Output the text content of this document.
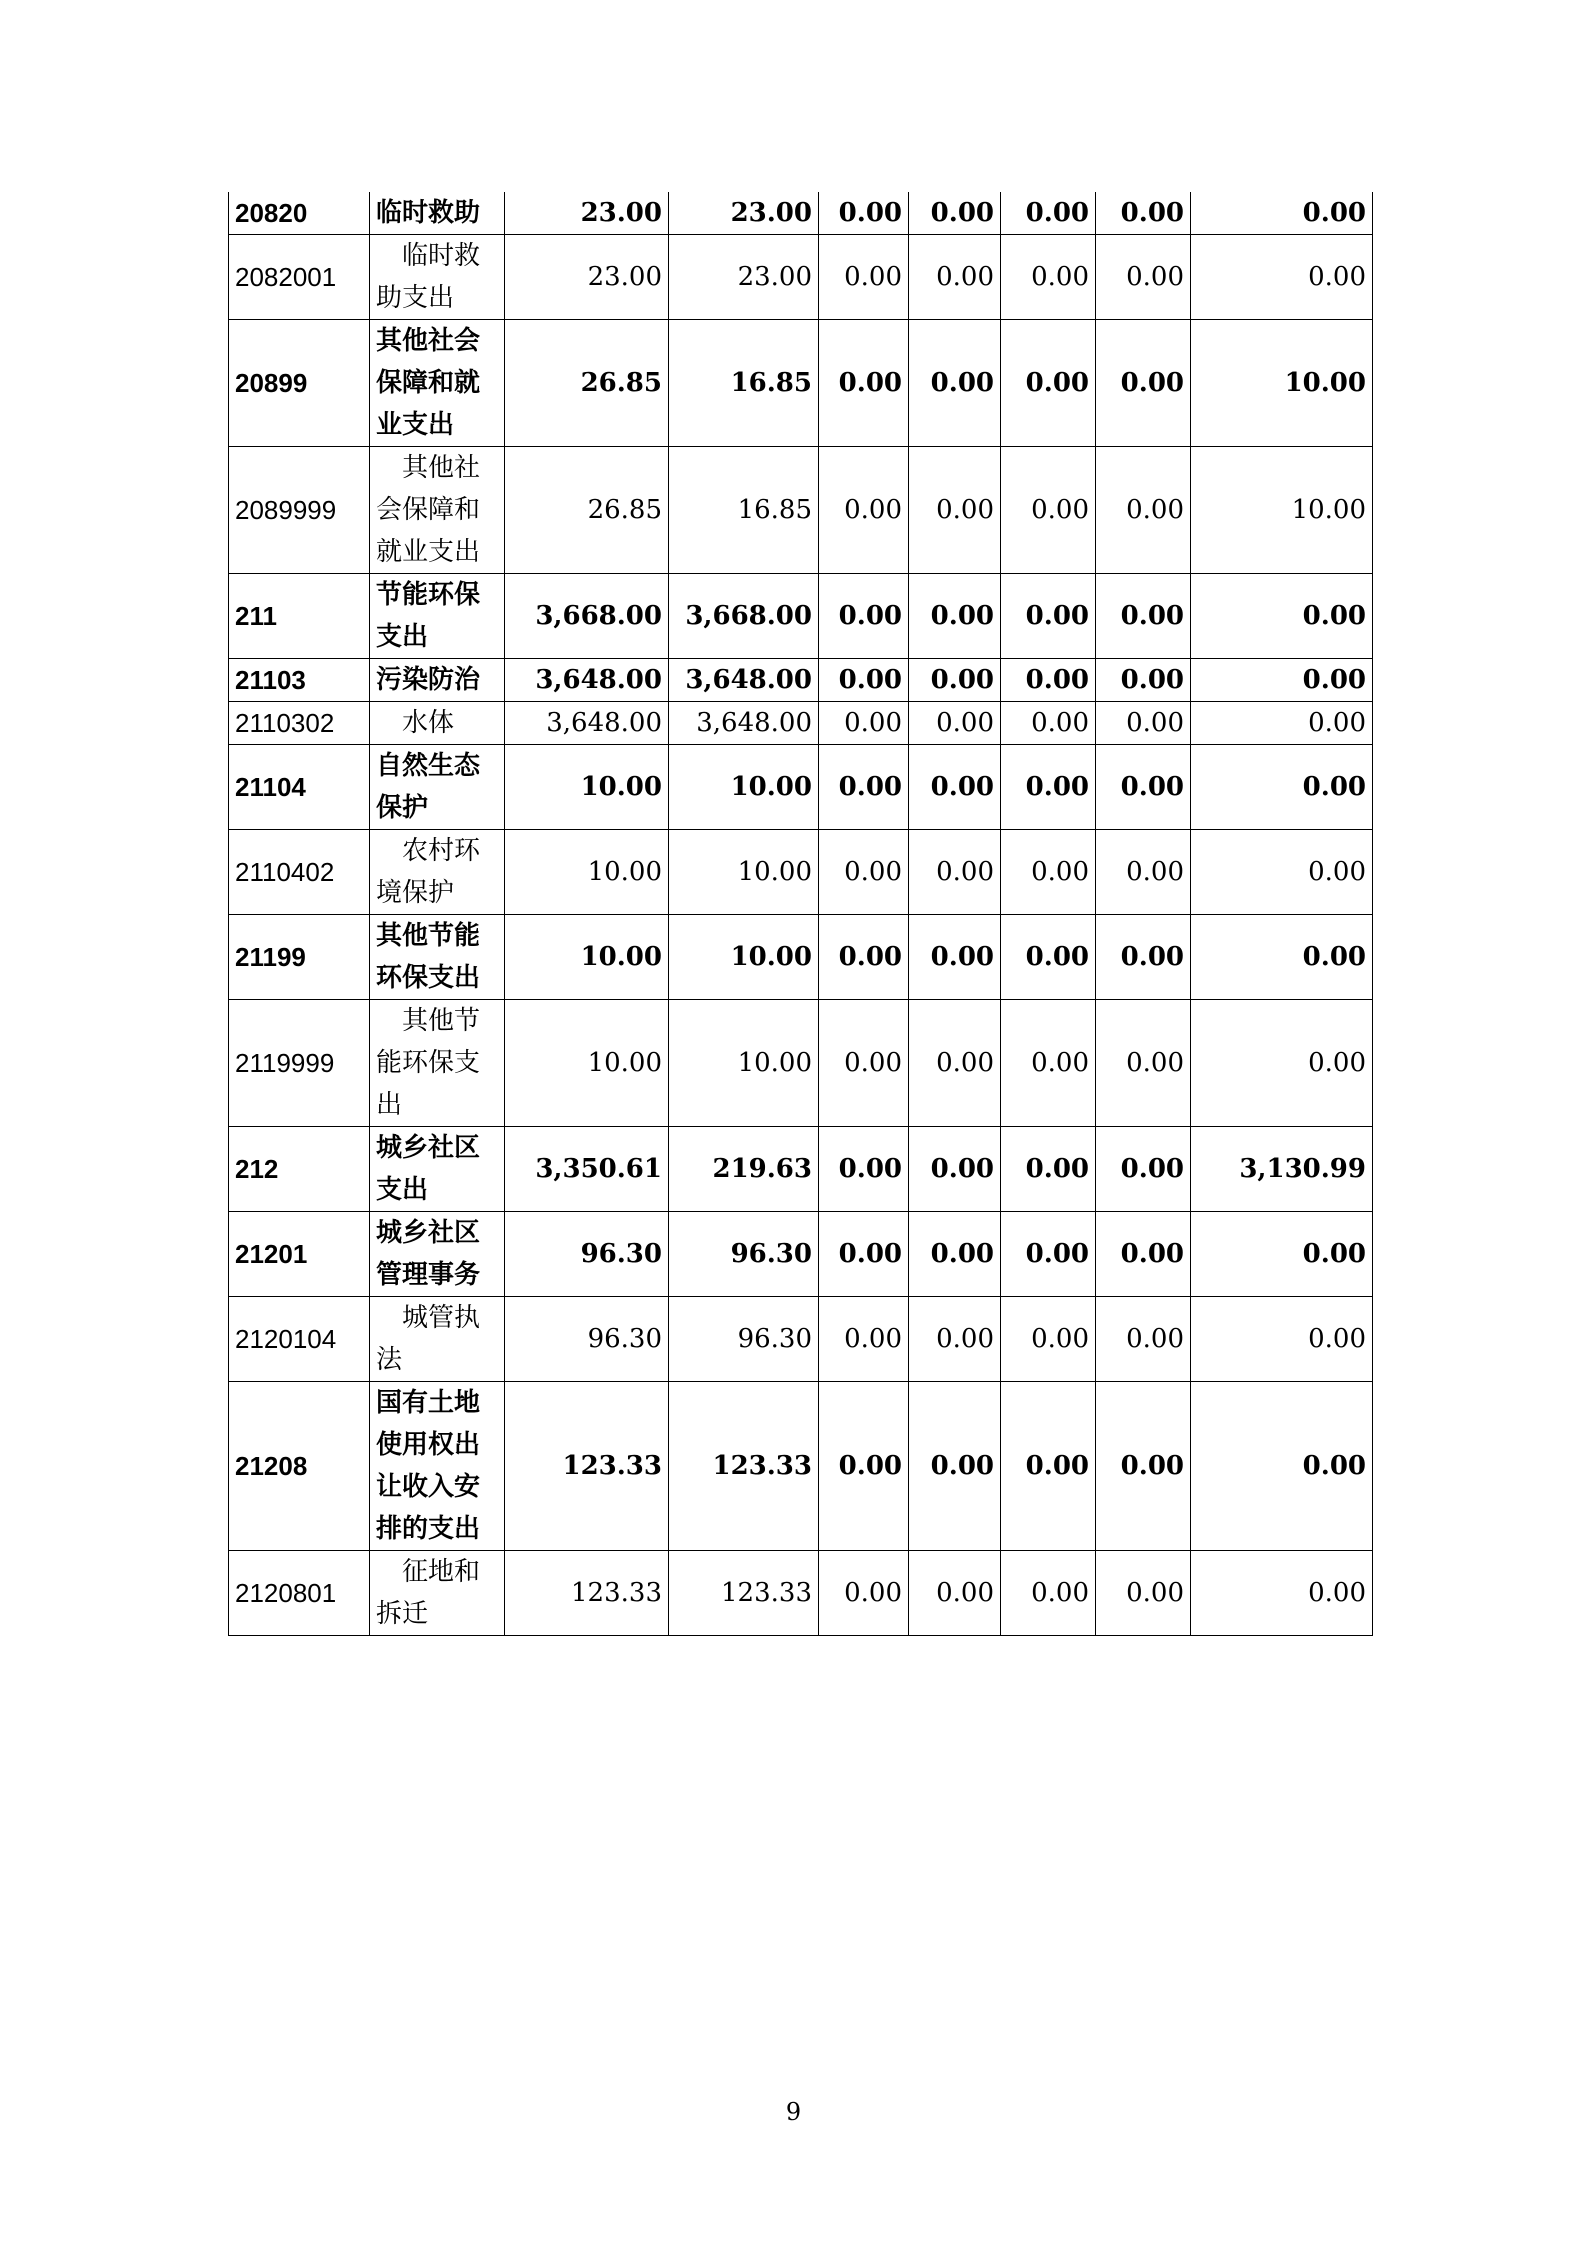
20820	临时救助	23.00	23.00	0.00	0.00	0.00	0.00	0.00
2082001	临时救助支出	23.00	23.00	0.00	0.00	0.00	0.00	0.00
20899	其他社会保障和就业支出	26.85	16.85	0.00	0.00	0.00	0.00	10.00
2089999	其他社会保障和就业支出	26.85	16.85	0.00	0.00	0.00	0.00	10.00
211	节能环保支出	3,668.00	3,668.00	0.00	0.00	0.00	0.00	0.00
21103	污染防治	3,648.00	3,648.00	0.00	0.00	0.00	0.00	0.00
2110302	水体	3,648.00	3,648.00	0.00	0.00	0.00	0.00	0.00
21104	自然生态保护	10.00	10.00	0.00	0.00	0.00	0.00	0.00
2110402	农村环境保护	10.00	10.00	0.00	0.00	0.00	0.00	0.00
21199	其他节能环保支出	10.00	10.00	0.00	0.00	0.00	0.00	0.00
2119999	其他节能环保支出	10.00	10.00	0.00	0.00	0.00	0.00	0.00
212	城乡社区支出	3,350.61	219.63	0.00	0.00	0.00	0.00	3,130.99
21201	城乡社区管理事务	96.30	96.30	0.00	0.00	0.00	0.00	0.00
2120104	城管执法	96.30	96.30	0.00	0.00	0.00	0.00	0.00
21208	国有土地使用权出让收入安排的支出	123.33	123.33	0.00	0.00	0.00	0.00	0.00
2120801	征地和拆迁	123.33	123.33	0.00	0.00	0.00	0.00	0.00
9
